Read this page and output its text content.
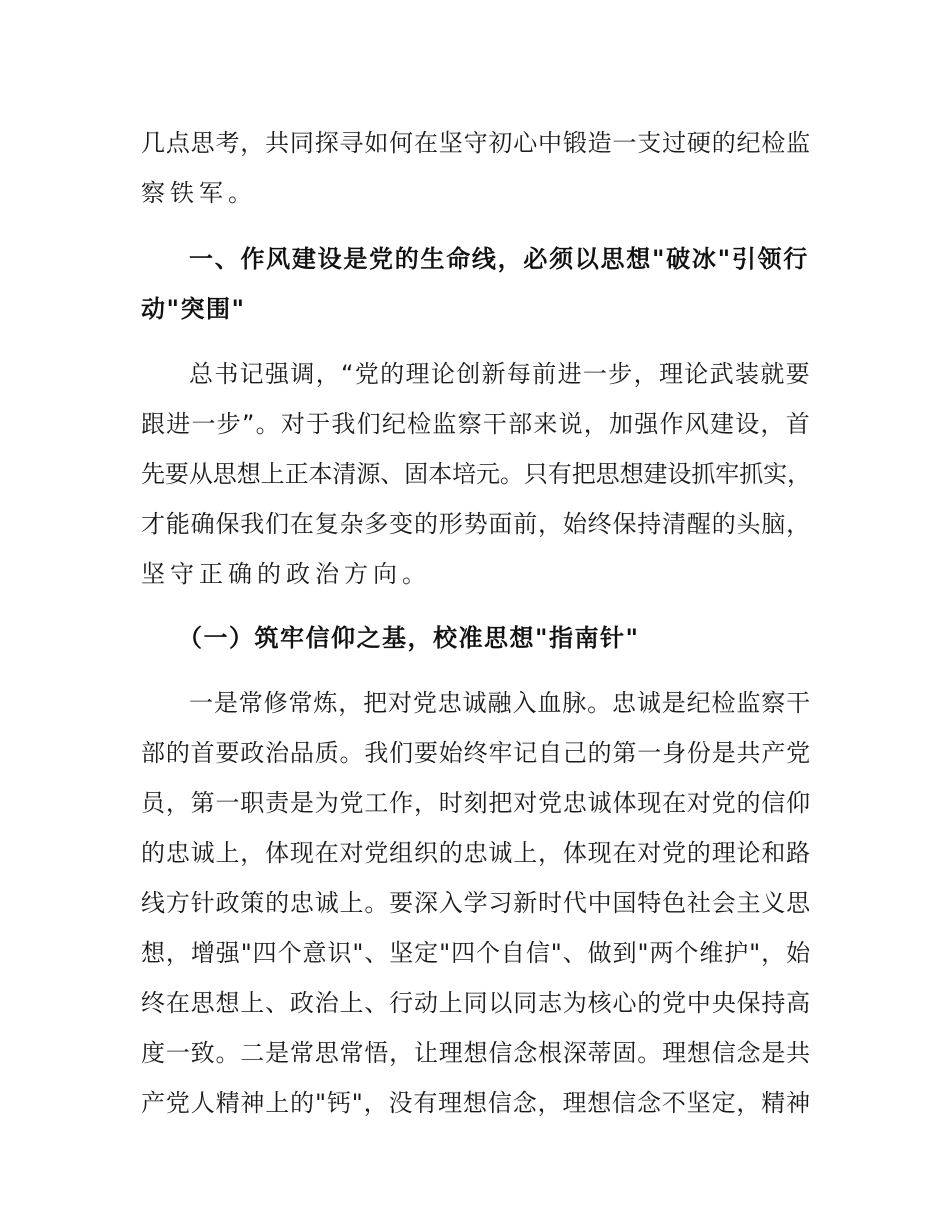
几点思考，共同探寻如何在坚守初心中锻造一支过硬的纪检监
察铁军。
一、作风建设是党的生命线，必须以思想"破冰"引领行
动"突围"
总书记强调，“党的理论创新每前进一步，理论武装就要
跟进一步”。对于我们纪检监察干部来说，加强作风建设，首
先要从思想上正本清源、固本培元。只有把思想建设抓牢抓实，
才能确保我们在复杂多变的形势面前，始终保持清醒的头脑，
坚守正确的政治方向。
（一）筑牢信仰之基，校准思想"指南针"
一是常修常炼，把对党忠诚融入血脉。忠诚是纪检监察干
部的首要政治品质。我们要始终牢记自己的第一身份是共产党
员，第一职责是为党工作，时刻把对党忠诚体现在对党的信仰
的忠诚上，体现在对党组织的忠诚上，体现在对党的理论和路
线方针政策的忠诚上。要深入学习新时代中国特色社会主义思
想，增强"四个意识"、坚定"四个自信"、做到"两个维护"，始
终在思想上、政治上、行动上同以同志为核心的党中央保持高
度一致。二是常思常悟，让理想信念根深蒂固。理想信念是共
产党人精神上的"钙"，没有理想信念，理想信念不坚定，精神
